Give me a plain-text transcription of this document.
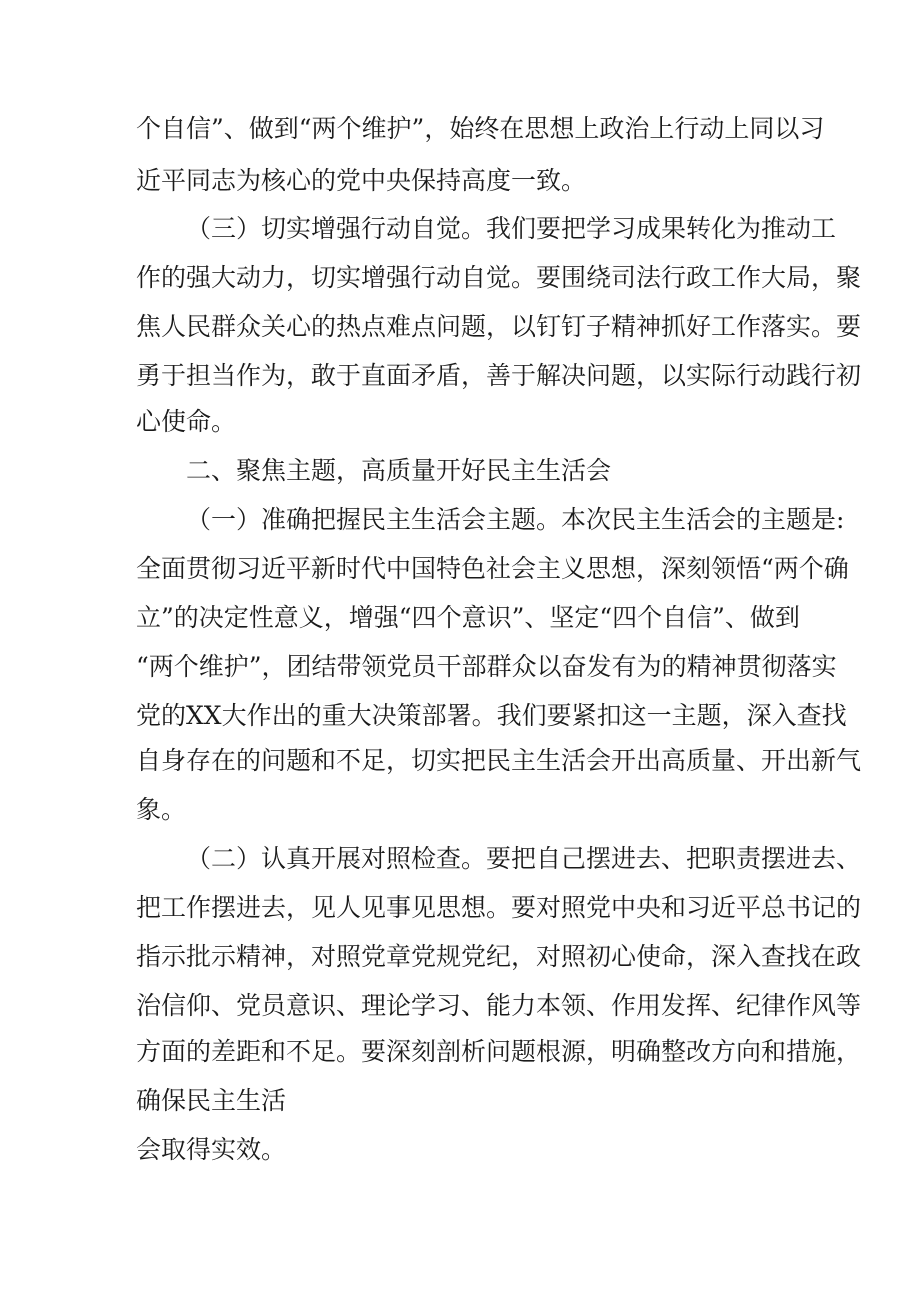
个自信”、做到“两个维护”，始终在思想上政治上行动上同以习

近平同志为核心的党中央保持高度一致。

（三）切实增强行动自觉。我们要把学习成果转化为推动工

作的强大动力，切实增强行动自觉。要围绕司法行政工作大局，聚

焦人民群众关心的热点难点问题，以钉钉子精神抓好工作落实。要

勇于担当作为，敢于直面矛盾，善于解决问题，以实际行动践行初

心使命。

二、聚焦主题，高质量开好民主生活会

（一）准确把握民主生活会主题。本次民主生活会的主题是:

全面贯彻习近平新时代中国特色社会主义思想，深刻领悟“两个确

立”的决定性意义，增强“四个意识”、坚定“四个自信”、做到

“两个维护”，团结带领党员干部群众以奋发有为的精神贯彻落实

党的XX大作出的重大决策部署。我们要紧扣这一主题，深入查找

自身存在的问题和不足，切实把民主生活会开出高质量、开出新气

象。

（二）认真开展对照检查。要把自己摆进去、把职责摆进去、

把工作摆进去，见人见事见思想。要对照党中央和习近平总书记的

指示批示精神，对照党章党规党纪，对照初心使命，深入查找在政

治信仰、党员意识、理论学习、能力本领、作用发挥、纪律作风等

方面的差距和不足。要深刻剖析问题根源，明确整改方向和措施，

确保民主生活

会取得实效。
